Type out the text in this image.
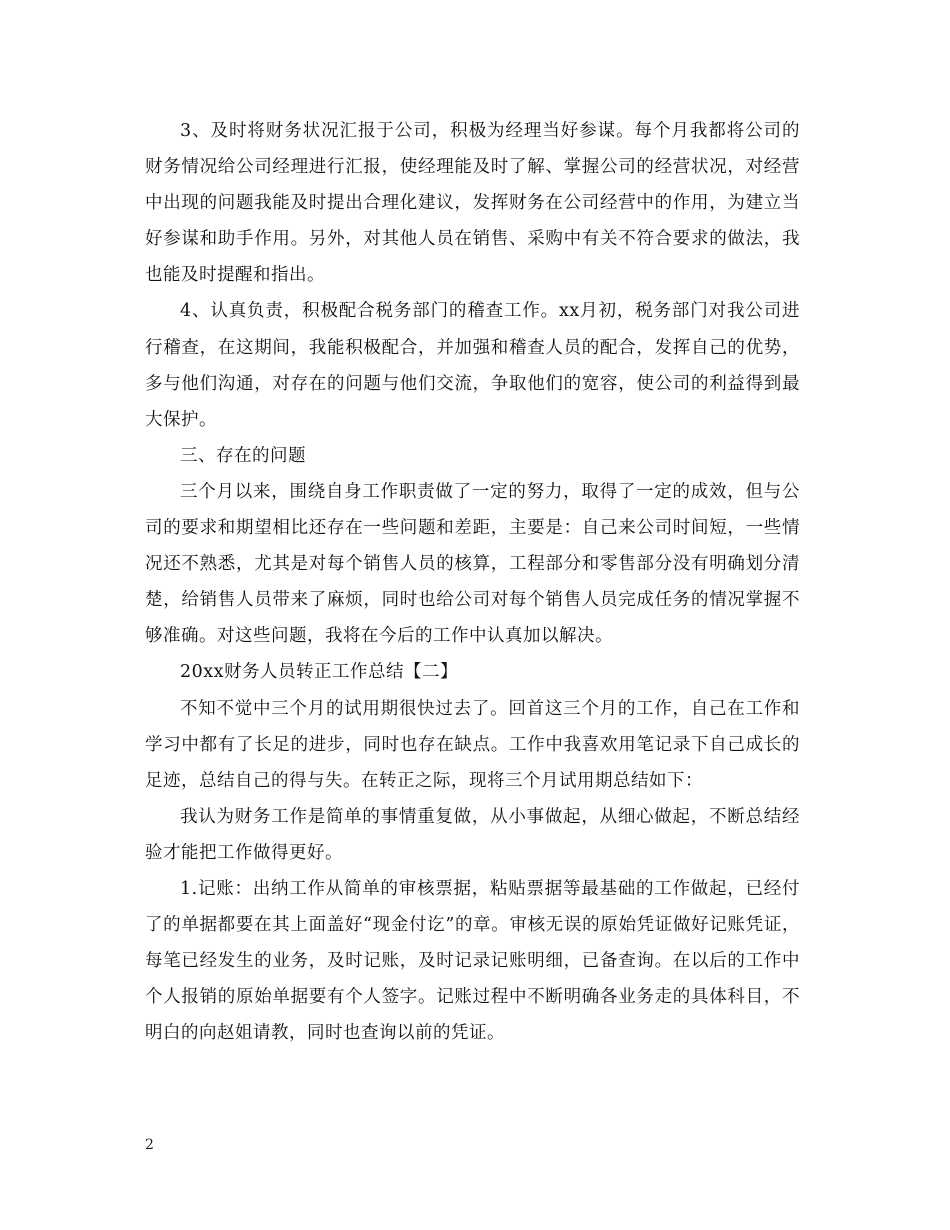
3、及时将财务状况汇报于公司，积极为经理当好参谋。每个月我都将公司的财务情况给公司经理进行汇报，使经理能及时了解、掌握公司的经营状况，对经营中出现的问题我能及时提出合理化建议，发挥财务在公司经营中的作用，为建立当好参谋和助手作用。另外，对其他人员在销售、采购中有关不符合要求的做法，我也能及时提醒和指出。

4、认真负责，积极配合税务部门的稽查工作。xx月初，税务部门对我公司进行稽查，在这期间，我能积极配合，并加强和稽查人员的配合，发挥自己的优势，多与他们沟通，对存在的问题与他们交流，争取他们的宽容，使公司的利益得到最大保护。

三、存在的问题

三个月以来，围绕自身工作职责做了一定的努力，取得了一定的成效，但与公司的要求和期望相比还存在一些问题和差距，主要是：自己来公司时间短，一些情况还不熟悉，尤其是对每个销售人员的核算，工程部分和零售部分没有明确划分清楚，给销售人员带来了麻烦，同时也给公司对每个销售人员完成任务的情况掌握不够准确。对这些问题，我将在今后的工作中认真加以解决。

20xx财务人员转正工作总结【二】

不知不觉中三个月的试用期很快过去了。回首这三个月的工作，自己在工作和学习中都有了长足的进步，同时也存在缺点。工作中我喜欢用笔记录下自己成长的足迹，总结自己的得与失。在转正之际，现将三个月试用期总结如下：

我认为财务工作是简单的事情重复做，从小事做起，从细心做起，不断总结经验才能把工作做得更好。

1.记账：出纳工作从简单的审核票据，粘贴票据等最基础的工作做起，已经付了的单据都要在其上面盖好“现金付讫”的章。审核无误的原始凭证做好记账凭证，每笔已经发生的业务，及时记账，及时记录记账明细，已备查询。在以后的工作中个人报销的原始单据要有个人签字。记账过程中不断明确各业务走的具体科目，不明白的向赵姐请教，同时也查询以前的凭证。

2
